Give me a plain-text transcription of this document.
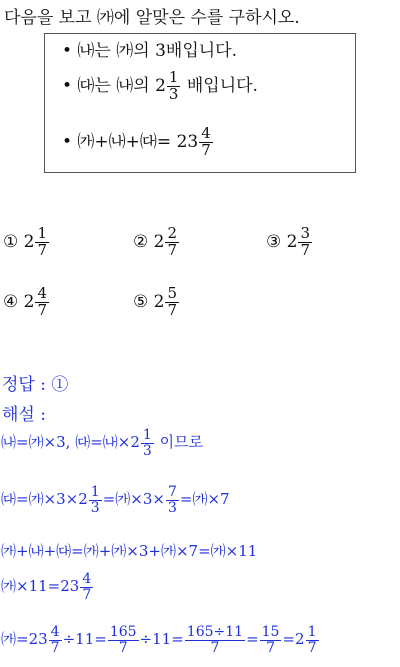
다음을 보고 ㈎에 알맞은 수를 구하시오.
• ㈏는 ㈎의 3배입니다.
• ㈐는 ㈏의 $2 \frac{1}{3}$ 배입니다.
• ㈎+㈏+㈐= $23 \frac{4}{7}$
① $2 \frac{1}{7}$	② $2 \frac{2}{7}$	③ $2 \frac{3}{7}$
④ $2 \frac{4}{7}$	⑤ $2 \frac{5}{7}$
정답 : ①
해설 :
㈏=㈎×3, ㈐=㈏×2 $\frac{1}{3}$ 이므로
㈐=㈎×3×2 $\frac{1}{3}$ =㈎×3× $\frac{7}{3}$ =㈎×7
㈎+㈏+㈐=㈎+㈎×3+㈎×7=㈎×11
㈎×11=23 $\frac{4}{7}$
㈎=23 $\frac{4}{7} \div 11= \frac{165}{7} \div 11= \frac{165\div 11}{7} = \frac{15}{7} =2 \frac{1}{7}$
